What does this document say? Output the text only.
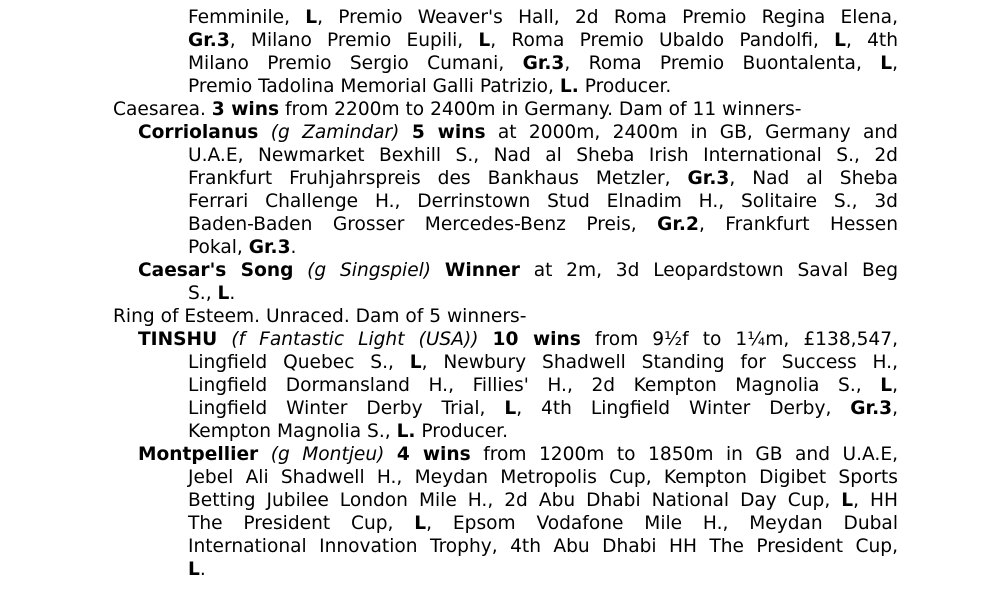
Femminile, L, Premio Weaver's Hall, 2d Roma Premio Regina Elena,
Gr.3, Milano Premio Eupili, L, Roma Premio Ubaldo Pandolfi, L, 4th
Milano Premio Sergio Cumani, Gr.3, Roma Premio Buontalenta, L,
Premio Tadolina Memorial Galli Patrizio, L. Producer.
Caesarea. 3 wins from 2200m to 2400m in Germany. Dam of 11 winners-
Corriolanus (g Zamindar) 5 wins at 2000m, 2400m in GB, Germany and
U.A.E, Newmarket Bexhill S., Nad al Sheba Irish International S., 2d
Frankfurt Fruhjahrspreis des Bankhaus Metzler, Gr.3, Nad al Sheba
Ferrari Challenge H., Derrinstown Stud Elnadim H., Solitaire S., 3d
Baden-Baden Grosser Mercedes-Benz Preis, Gr.2, Frankfurt Hessen
Pokal, Gr.3.
Caesar's Song (g Singspiel) Winner at 2m, 3d Leopardstown Saval Beg
S., L.
Ring of Esteem. Unraced. Dam of 5 winners-
TINSHU (f Fantastic Light (USA)) 10 wins from 9½f to 1¼m, £138,547,
Lingfield Quebec S., L, Newbury Shadwell Standing for Success H.,
Lingfield Dormansland H., Fillies' H., 2d Kempton Magnolia S., L,
Lingfield Winter Derby Trial, L, 4th Lingfield Winter Derby, Gr.3,
Kempton Magnolia S., L. Producer.
Montpellier (g Montjeu) 4 wins from 1200m to 1850m in GB and U.A.E,
Jebel Ali Shadwell H., Meydan Metropolis Cup, Kempton Digibet Sports
Betting Jubilee London Mile H., 2d Abu Dhabi National Day Cup, L, HH
The President Cup, L, Epsom Vodafone Mile H., Meydan Dubal
International Innovation Trophy, 4th Abu Dhabi HH The President Cup,
L.
